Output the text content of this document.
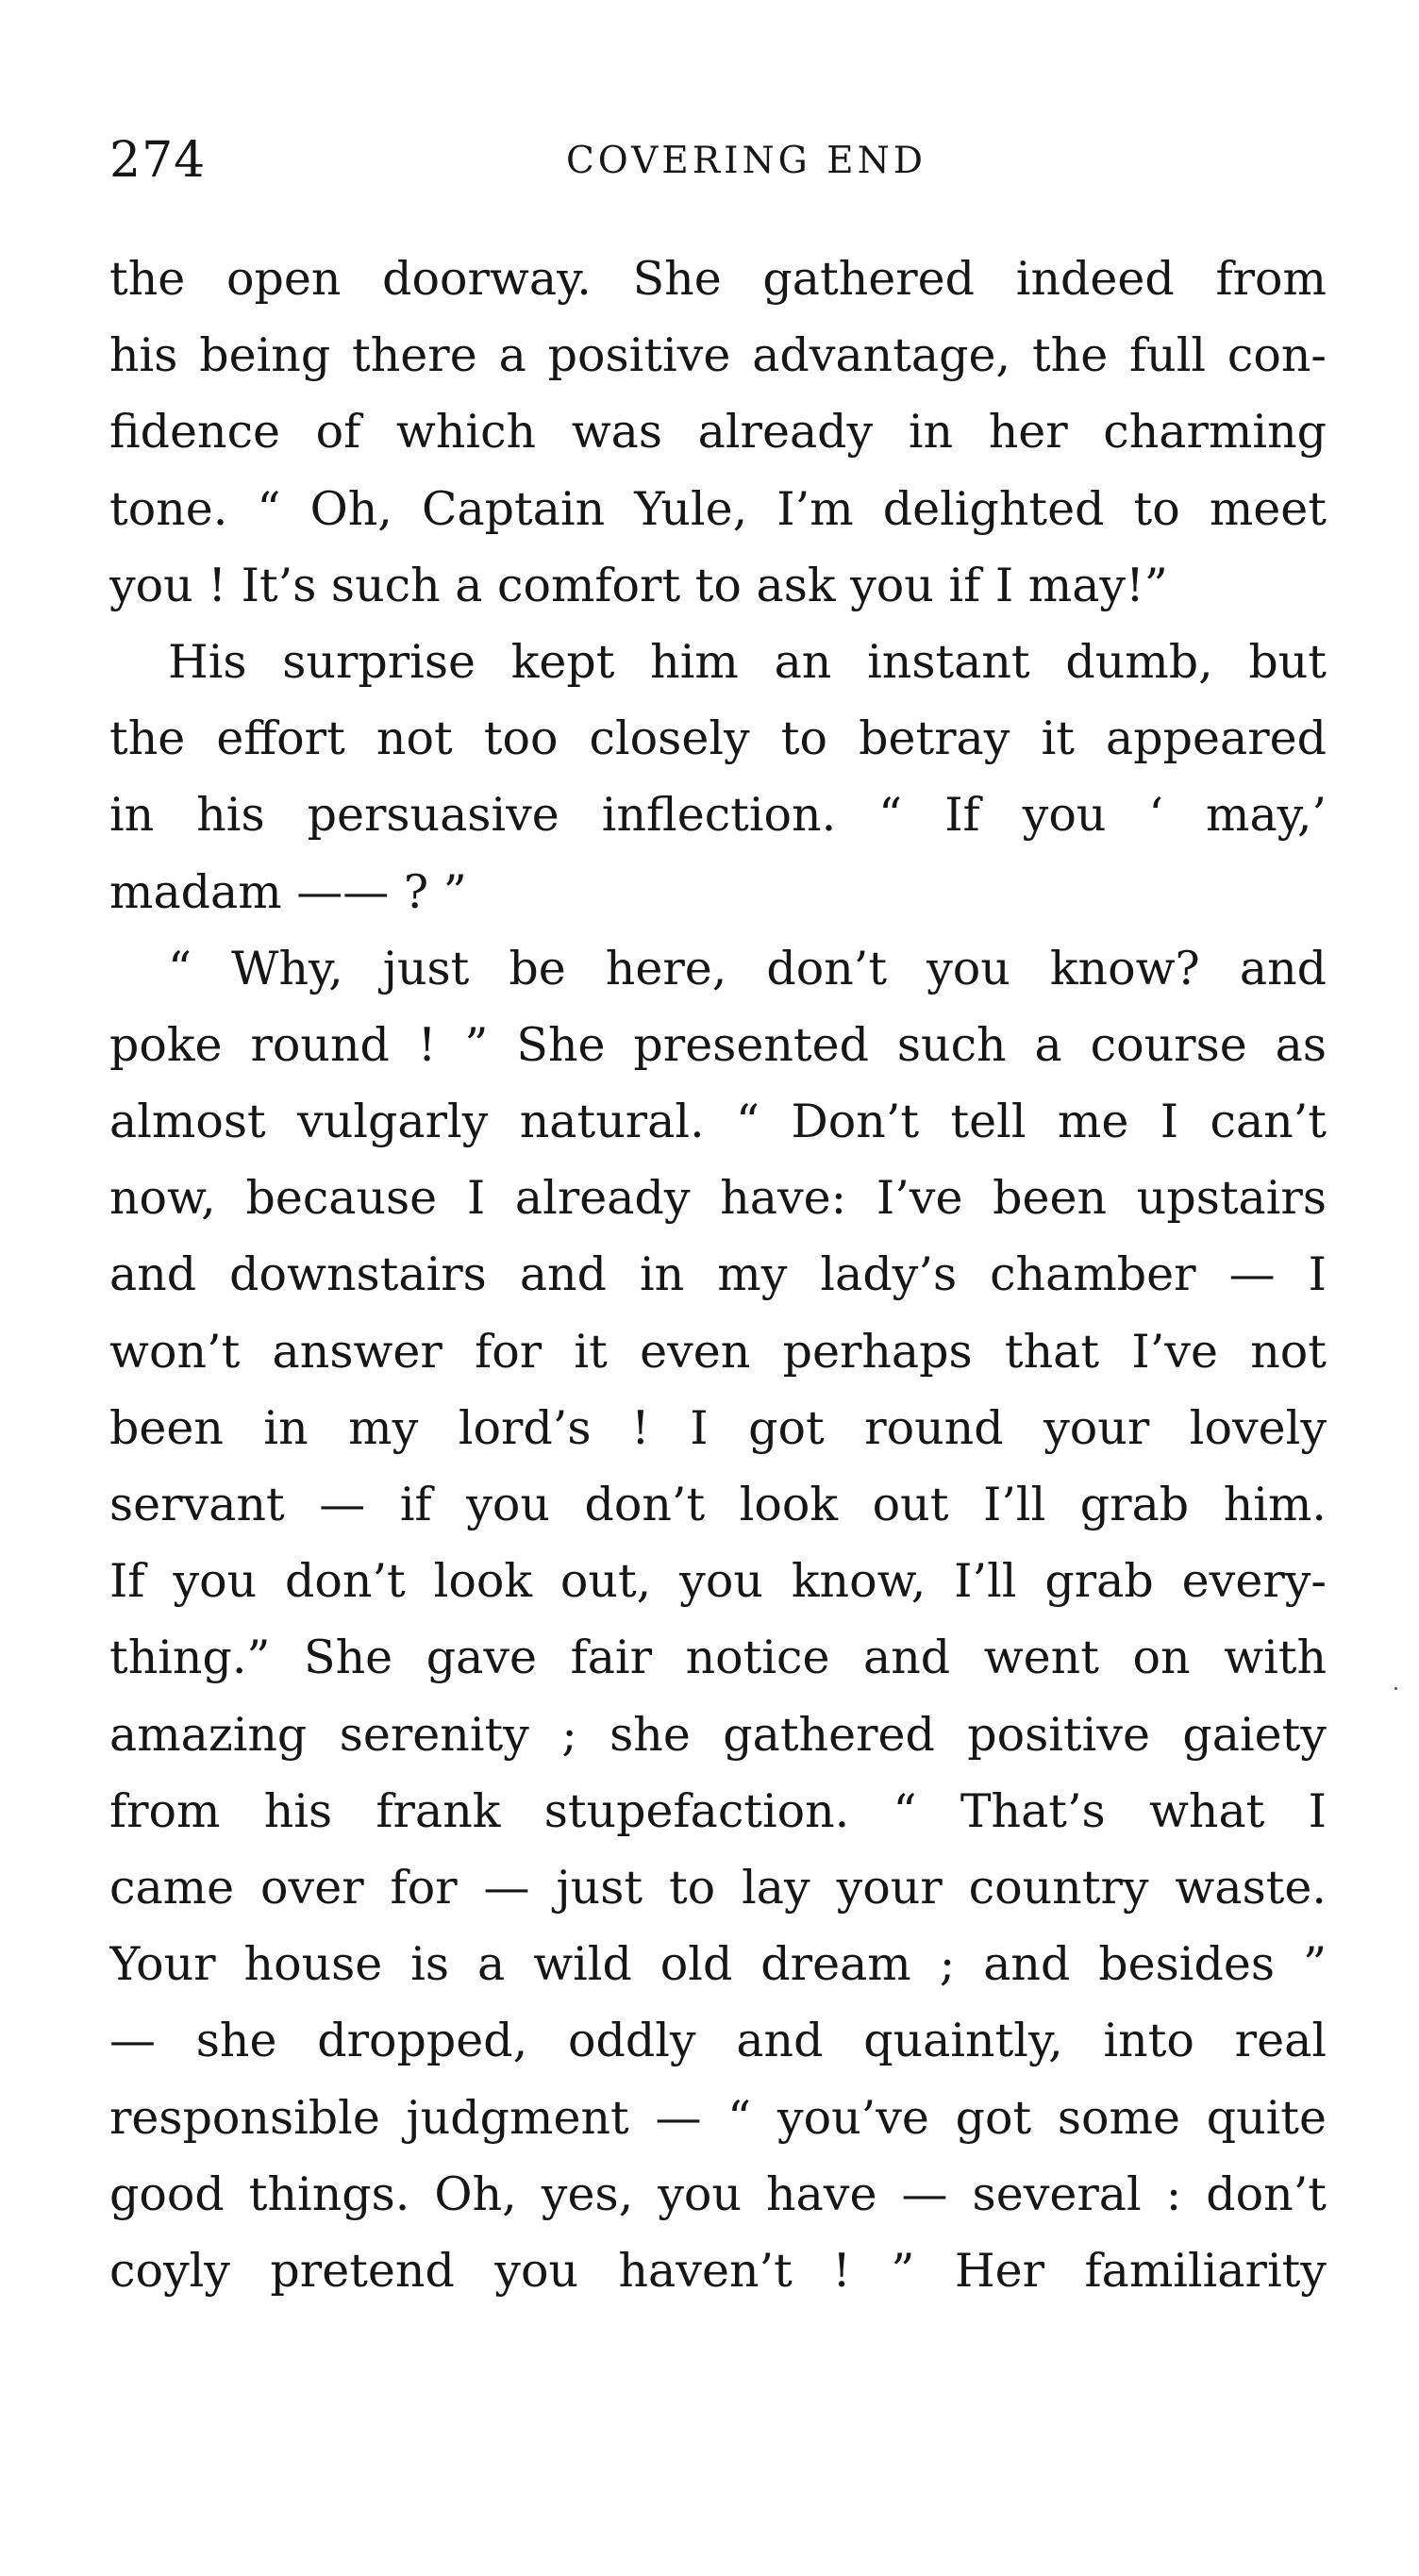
274	COVERING END
the open doorway. She gathered indeed from
his being there a positive advantage, the full con-
fidence of which was already in her charming
tone. “ Oh, Captain Yule, I’m delighted to meet
you ! It’s such a comfort to ask you if I may!”
His surprise kept him an instant dumb, but
the effort not too closely to betray it appeared
in his persuasive inflection. “ If you ‘ may,’
madam —— ? ”
“ Why, just be here, don’t you know? and
poke round ! ” She presented such a course as
almost vulgarly natural. “ Don’t tell me I can’t
now, because I already have: I’ve been upstairs
and downstairs and in my lady’s chamber — I
won’t answer for it even perhaps that I’ve not
been in my lord’s ! I got round your lovely
servant — if you don’t look out I’ll grab him.
If you don’t look out, you know, I’ll grab every-
thing.” She gave fair notice and went on with
amazing serenity ; she gathered positive gaiety
from his frank stupefaction. “ That’s what I
came over for — just to lay your country waste.
Your house is a wild old dream ; and besides ”
— she dropped, oddly and quaintly, into real
responsible judgment — “ you’ve got some quite
good things. Oh, yes, you have — several : don’t
coyly pretend you haven’t ! ” Her familiarity
